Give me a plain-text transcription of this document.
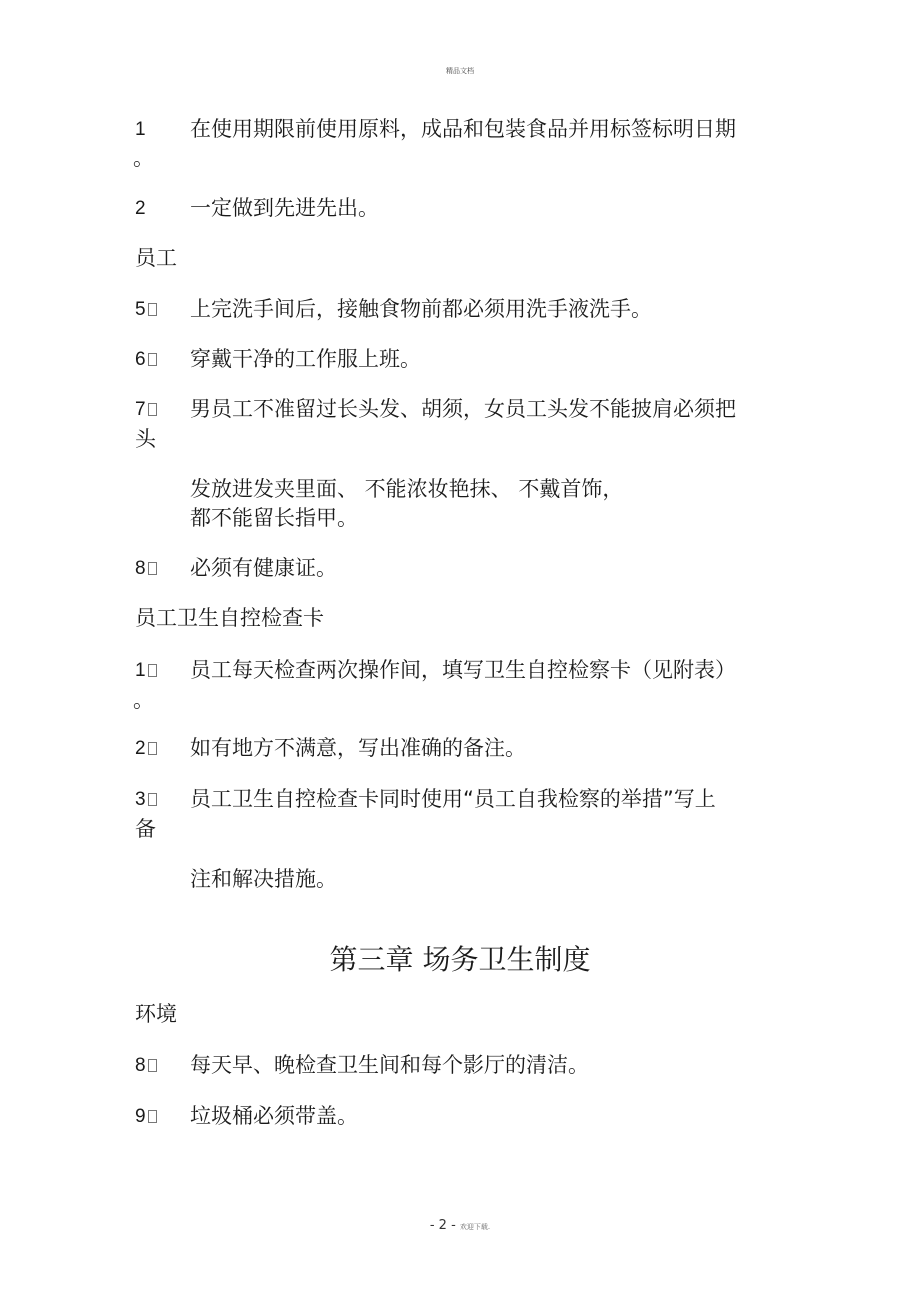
精品文档
1 在使用期限前使用原料，成品和包装食品并用标签标明日期
。
2 一定做到先进先出。
员工
5	上完洗手间后，接触食物前都必须用洗手液洗手。
6	穿戴干净的工作服上班。
7	男员工不准留过长头发、胡须，女员工头发不能披肩必须把
头
发放进发夹里面、 不能浓妆艳抹、 不戴首饰，
都不能留长指甲。
8	必须有健康证。
员工卫生自控检查卡
1	员工每天检查两次操作间，填写卫生自控检察卡（见附表）
。
2	如有地方不满意，写出准确的备注。
3	员工卫生自控检查卡同时使用“员工自我检察的举措”写上
备
注和解决措施。
第三章 场务卫生制度
环境
8	每天早、晚检查卫生间和每个影厅的清洁。
9	垃圾桶必须带盖。
- 2 - 欢迎下载.
